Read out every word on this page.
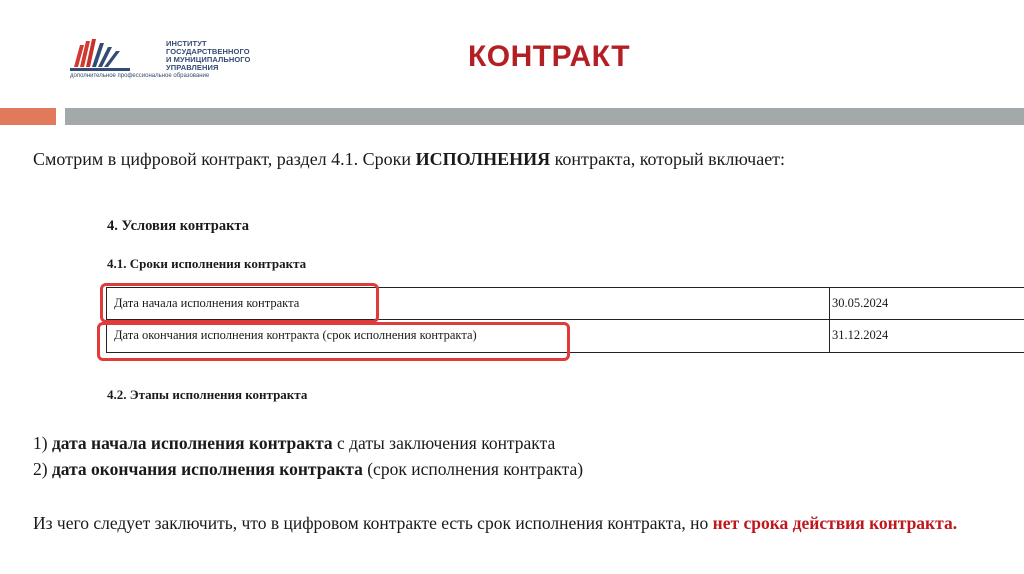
ИНСТИТУТ
ГОСУДАРСТВЕННОГО
И МУНИЦИПАЛЬНОГО
УПРАВЛЕНИЯ
дополнительное профессиональное образование
КОНТРАКТ
Смотрим в цифровой контракт, раздел 4.1. Сроки ИСПОЛНЕНИЯ контракта, который включает:
4. Условия контракта
4.1. Сроки исполнения контракта
Дата начала исполнения контракта	30.05.2024
Дата окончания исполнения контракта (срок исполнения контракта)	31.12.2024
4.2. Этапы исполнения контракта
1) дата начала исполнения контракта с даты заключения контракта
2) дата окончания исполнения контракта (срок исполнения контракта)
Из чего следует заключить, что в цифровом контракте есть срок исполнения контракта, но нет срока действия контракта.
